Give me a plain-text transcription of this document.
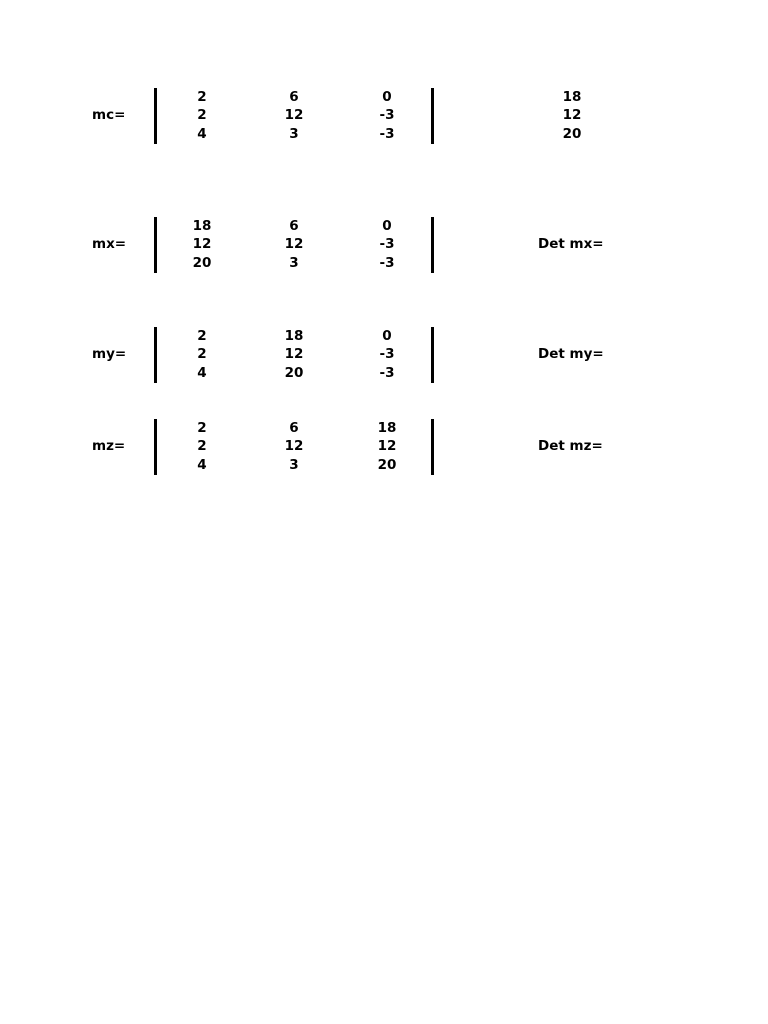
mc=
2	6	0	18
2	12	-3	12
4	3	-3	20
mx=
18	6	0
12	12	-3
20	3	-3
Det mx=
my=
2	18	0
2	12	-3
4	20	-3
Det my=
mz=
2	6	18
2	12	12
4	3	20
Det mz=
